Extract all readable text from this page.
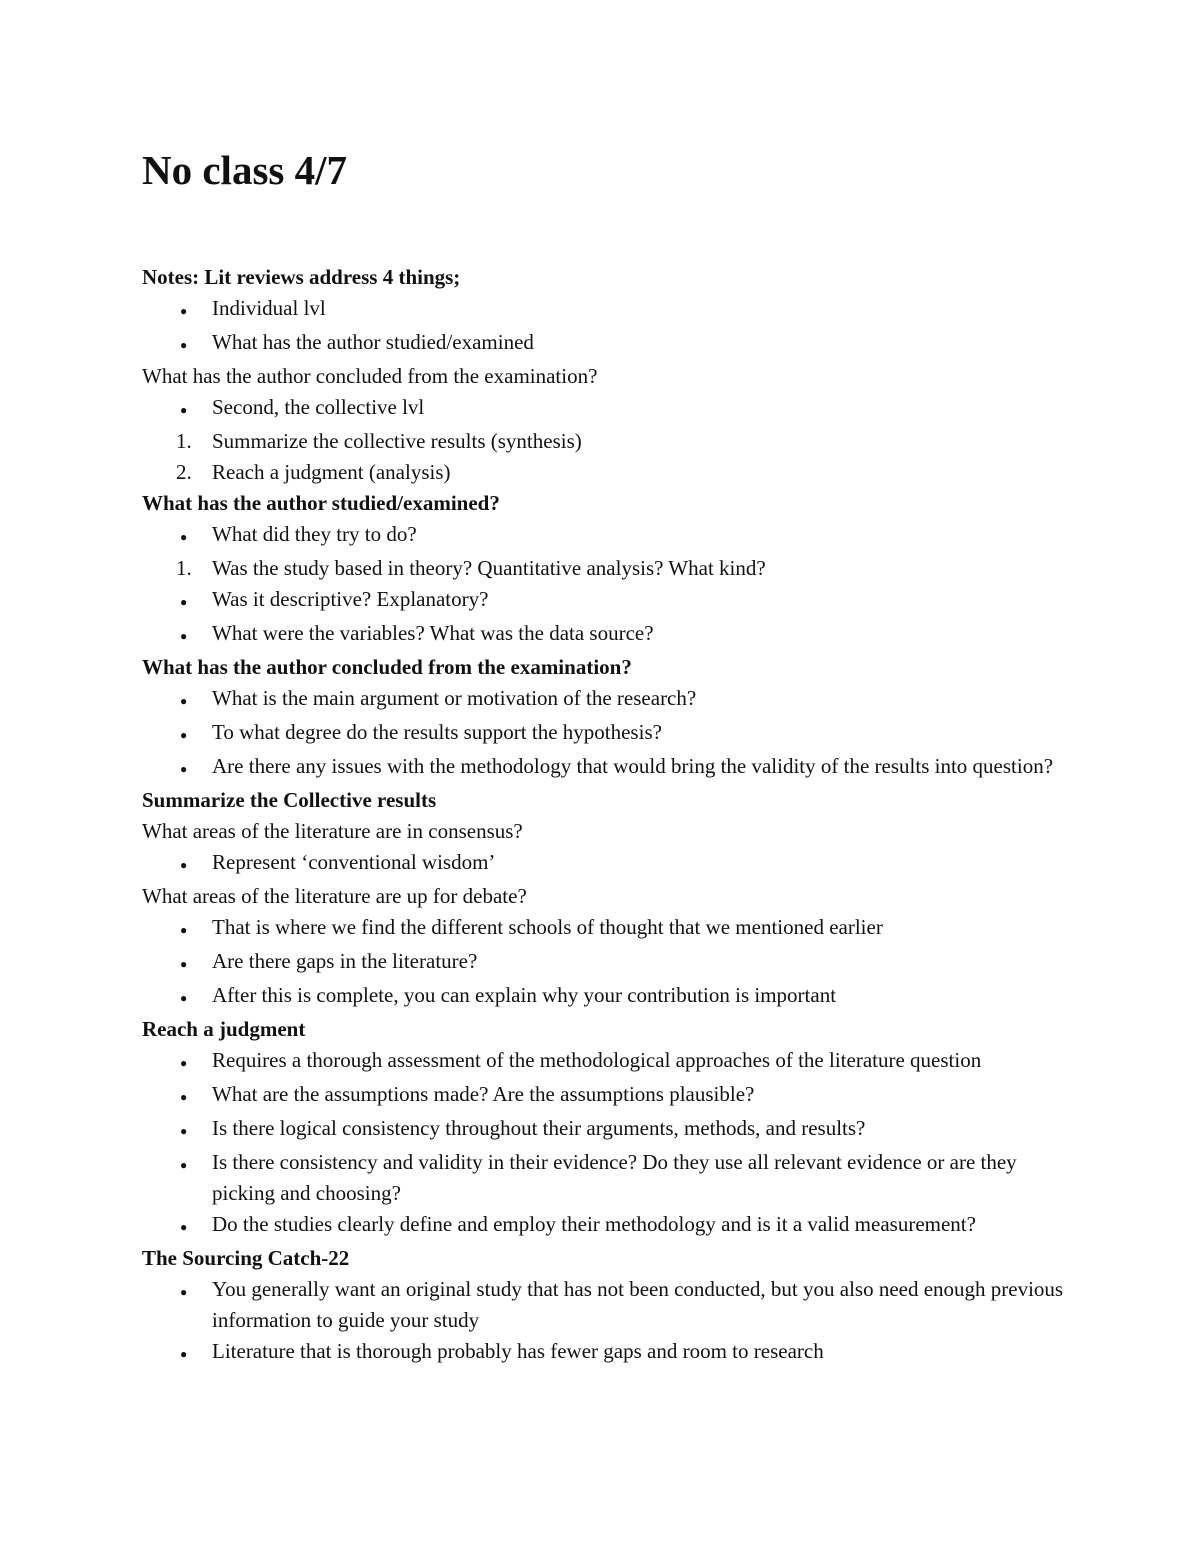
No class 4/7
Notes: Lit reviews address 4 things;
●	Individual lvl
●	What has the author studied/examined
What has the author concluded from the examination?
●	Second, the collective lvl
1. Summarize the collective results (synthesis)
2. Reach a judgment (analysis)
What has the author studied/examined?
●	What did they try to do?
1. Was the study based in theory? Quantitative analysis? What kind?
●	Was it descriptive? Explanatory?
●	What were the variables? What was the data source?
What has the author concluded from the examination?
●	What is the main argument or motivation of the research?
●	To what degree do the results support the hypothesis?
●	Are there any issues with the methodology that would bring the validity of the results into question?
Summarize the Collective results
What areas of the literature are in consensus?
●	Represent ‘conventional wisdom’
What areas of the literature are up for debate?
●	That is where we find the different schools of thought that we mentioned earlier
●	Are there gaps in the literature?
●	After this is complete, you can explain why your contribution is important
Reach a judgment
●	Requires a thorough assessment of the methodological approaches of the literature question
●	What are the assumptions made? Are the assumptions plausible?
●	Is there logical consistency throughout their arguments, methods, and results?
●	Is there consistency and validity in their evidence? Do they use all relevant evidence or are they picking and choosing?
●	Do the studies clearly define and employ their methodology and is it a valid measurement?
The Sourcing Catch-22
●	You generally want an original study that has not been conducted, but you also need enough previous information to guide your study
●	Literature that is thorough probably has fewer gaps and room to research
